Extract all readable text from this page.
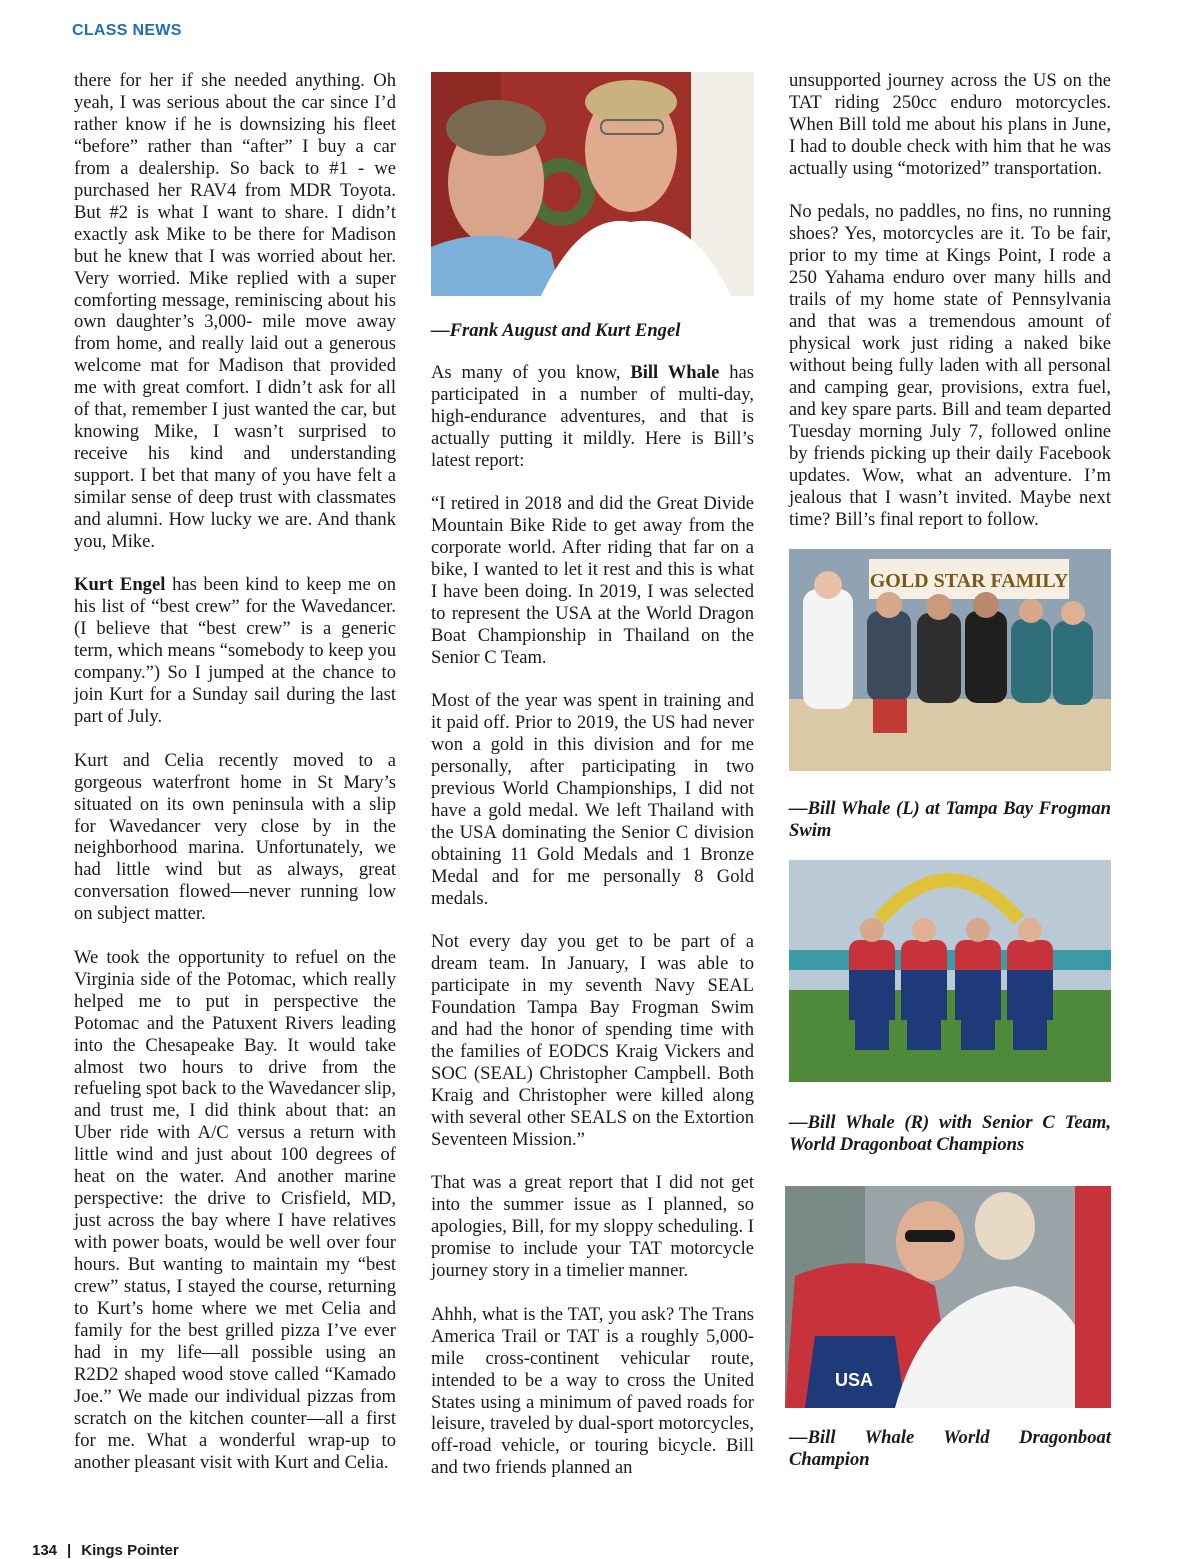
CLASS NEWS

there for her if she needed anything. Oh yeah, I was serious about the car since I’d rather know if he is downsizing his fleet “before” rather than “after” I buy a car from a dealership. So back to #1 - we purchased her RAV4 from MDR Toyota. But #2 is what I want to share. I didn’t exactly ask Mike to be there for Madison but he knew that I was worried about her. Very worried. Mike replied with a super comforting message, reminiscing about his own daughter’s 3,000- mile move away from home, and really laid out a generous welcome mat for Madison that provided me with great comfort. I didn’t ask for all of that, remember I just wanted the car, but knowing Mike, I wasn’t surprised to receive his kind and understanding support. I bet that many of you have felt a similar sense of deep trust with classmates and alumni. How lucky we are. And thank you, Mike.

Kurt Engel has been kind to keep me on his list of “best crew” for the Wavedancer. (I believe that “best crew” is a generic term, which means “somebody to keep you company.”) So I jumped at the chance to join Kurt for a Sunday sail during the last part of July.

Kurt and Celia recently moved to a gorgeous waterfront home in St Mary’s situated on its own peninsula with a slip for Wavedancer very close by in the neighborhood marina. Unfortunately, we had little wind but as always, great conversation flowed—never running low on subject matter.

We took the opportunity to refuel on the Virginia side of the Potomac, which really helped me to put in perspective the Potomac and the Patuxent Rivers leading into the Chesapeake Bay. It would take almost two hours to drive from the refueling spot back to the Wavedancer slip, and trust me, I did think about that: an Uber ride with A/C versus a return with little wind and just about 100 degrees of heat on the water. And another marine perspective: the drive to Crisfield, MD, just across the bay where I have relatives with power boats, would be well over four hours. But wanting to maintain my “best crew” status, I stayed the course, returning to Kurt’s home where we met Celia and family for the best grilled pizza I’ve ever had in my life—all possible using an R2D2 shaped wood stove called “Kamado Joe.” We made our individual pizzas from scratch on the kitchen counter—all a first for me. What a wonderful wrap-up to another pleasant visit with Kurt and Celia.

—Frank August and Kurt Engel

As many of you know, Bill Whale has participated in a number of multi-day, high-endurance adventures, and that is actually putting it mildly. Here is Bill’s latest report:

“I retired in 2018 and did the Great Divide Mountain Bike Ride to get away from the corporate world. After riding that far on a bike, I wanted to let it rest and this is what I have been doing. In 2019, I was selected to represent the USA at the World Dragon Boat Championship in Thailand on the Senior C Team.

Most of the year was spent in training and it paid off. Prior to 2019, the US had never won a gold in this division and for me personally, after participating in two previous World Championships, I did not have a gold medal. We left Thailand with the USA dominating the Senior C division obtaining 11 Gold Medals and 1 Bronze Medal and for me personally 8 Gold medals.

Not every day you get to be part of a dream team. In January, I was able to participate in my seventh Navy SEAL Foundation Tampa Bay Frogman Swim and had the honor of spending time with the families of EODCS Kraig Vickers and SOC (SEAL) Christopher Campbell. Both Kraig and Christopher were killed along with several other SEALS on the Extortion Seventeen Mission.”

That was a great report that I did not get into the summer issue as I planned, so apologies, Bill, for my sloppy scheduling. I promise to include your TAT motorcycle journey story in a timelier manner.

Ahhh, what is the TAT, you ask? The Trans America Trail or TAT is a roughly 5,000-mile cross-continent vehicular route, intended to be a way to cross the United States using a minimum of paved roads for leisure, traveled by dual-sport motorcycles, off-road vehicle, or touring bicycle. Bill and two friends planned an

unsupported journey across the US on the TAT riding 250cc enduro motorcycles. When Bill told me about his plans in June, I had to double check with him that he was actually using “motorized” transportation.

No pedals, no paddles, no fins, no running shoes? Yes, motorcycles are it. To be fair, prior to my time at Kings Point, I rode a 250 Yahama enduro over many hills and trails of my home state of Pennsylvania and that was a tremendous amount of physical work just riding a naked bike without being fully laden with all personal and camping gear, provisions, extra fuel, and key spare parts. Bill and team departed Tuesday morning July 7, followed online by friends picking up their daily Facebook updates. Wow, what an adventure. I’m jealous that I wasn’t invited. Maybe next time? Bill’s final report to follow.

GOLD STAR FAMILY
—Bill Whale (L) at Tampa Bay Frogman Swim
—Bill Whale (R) with Senior C Team, World Dragonboat Champions
USA
—Bill Whale World Dragonboat Champion
134 | Kings Pointer
